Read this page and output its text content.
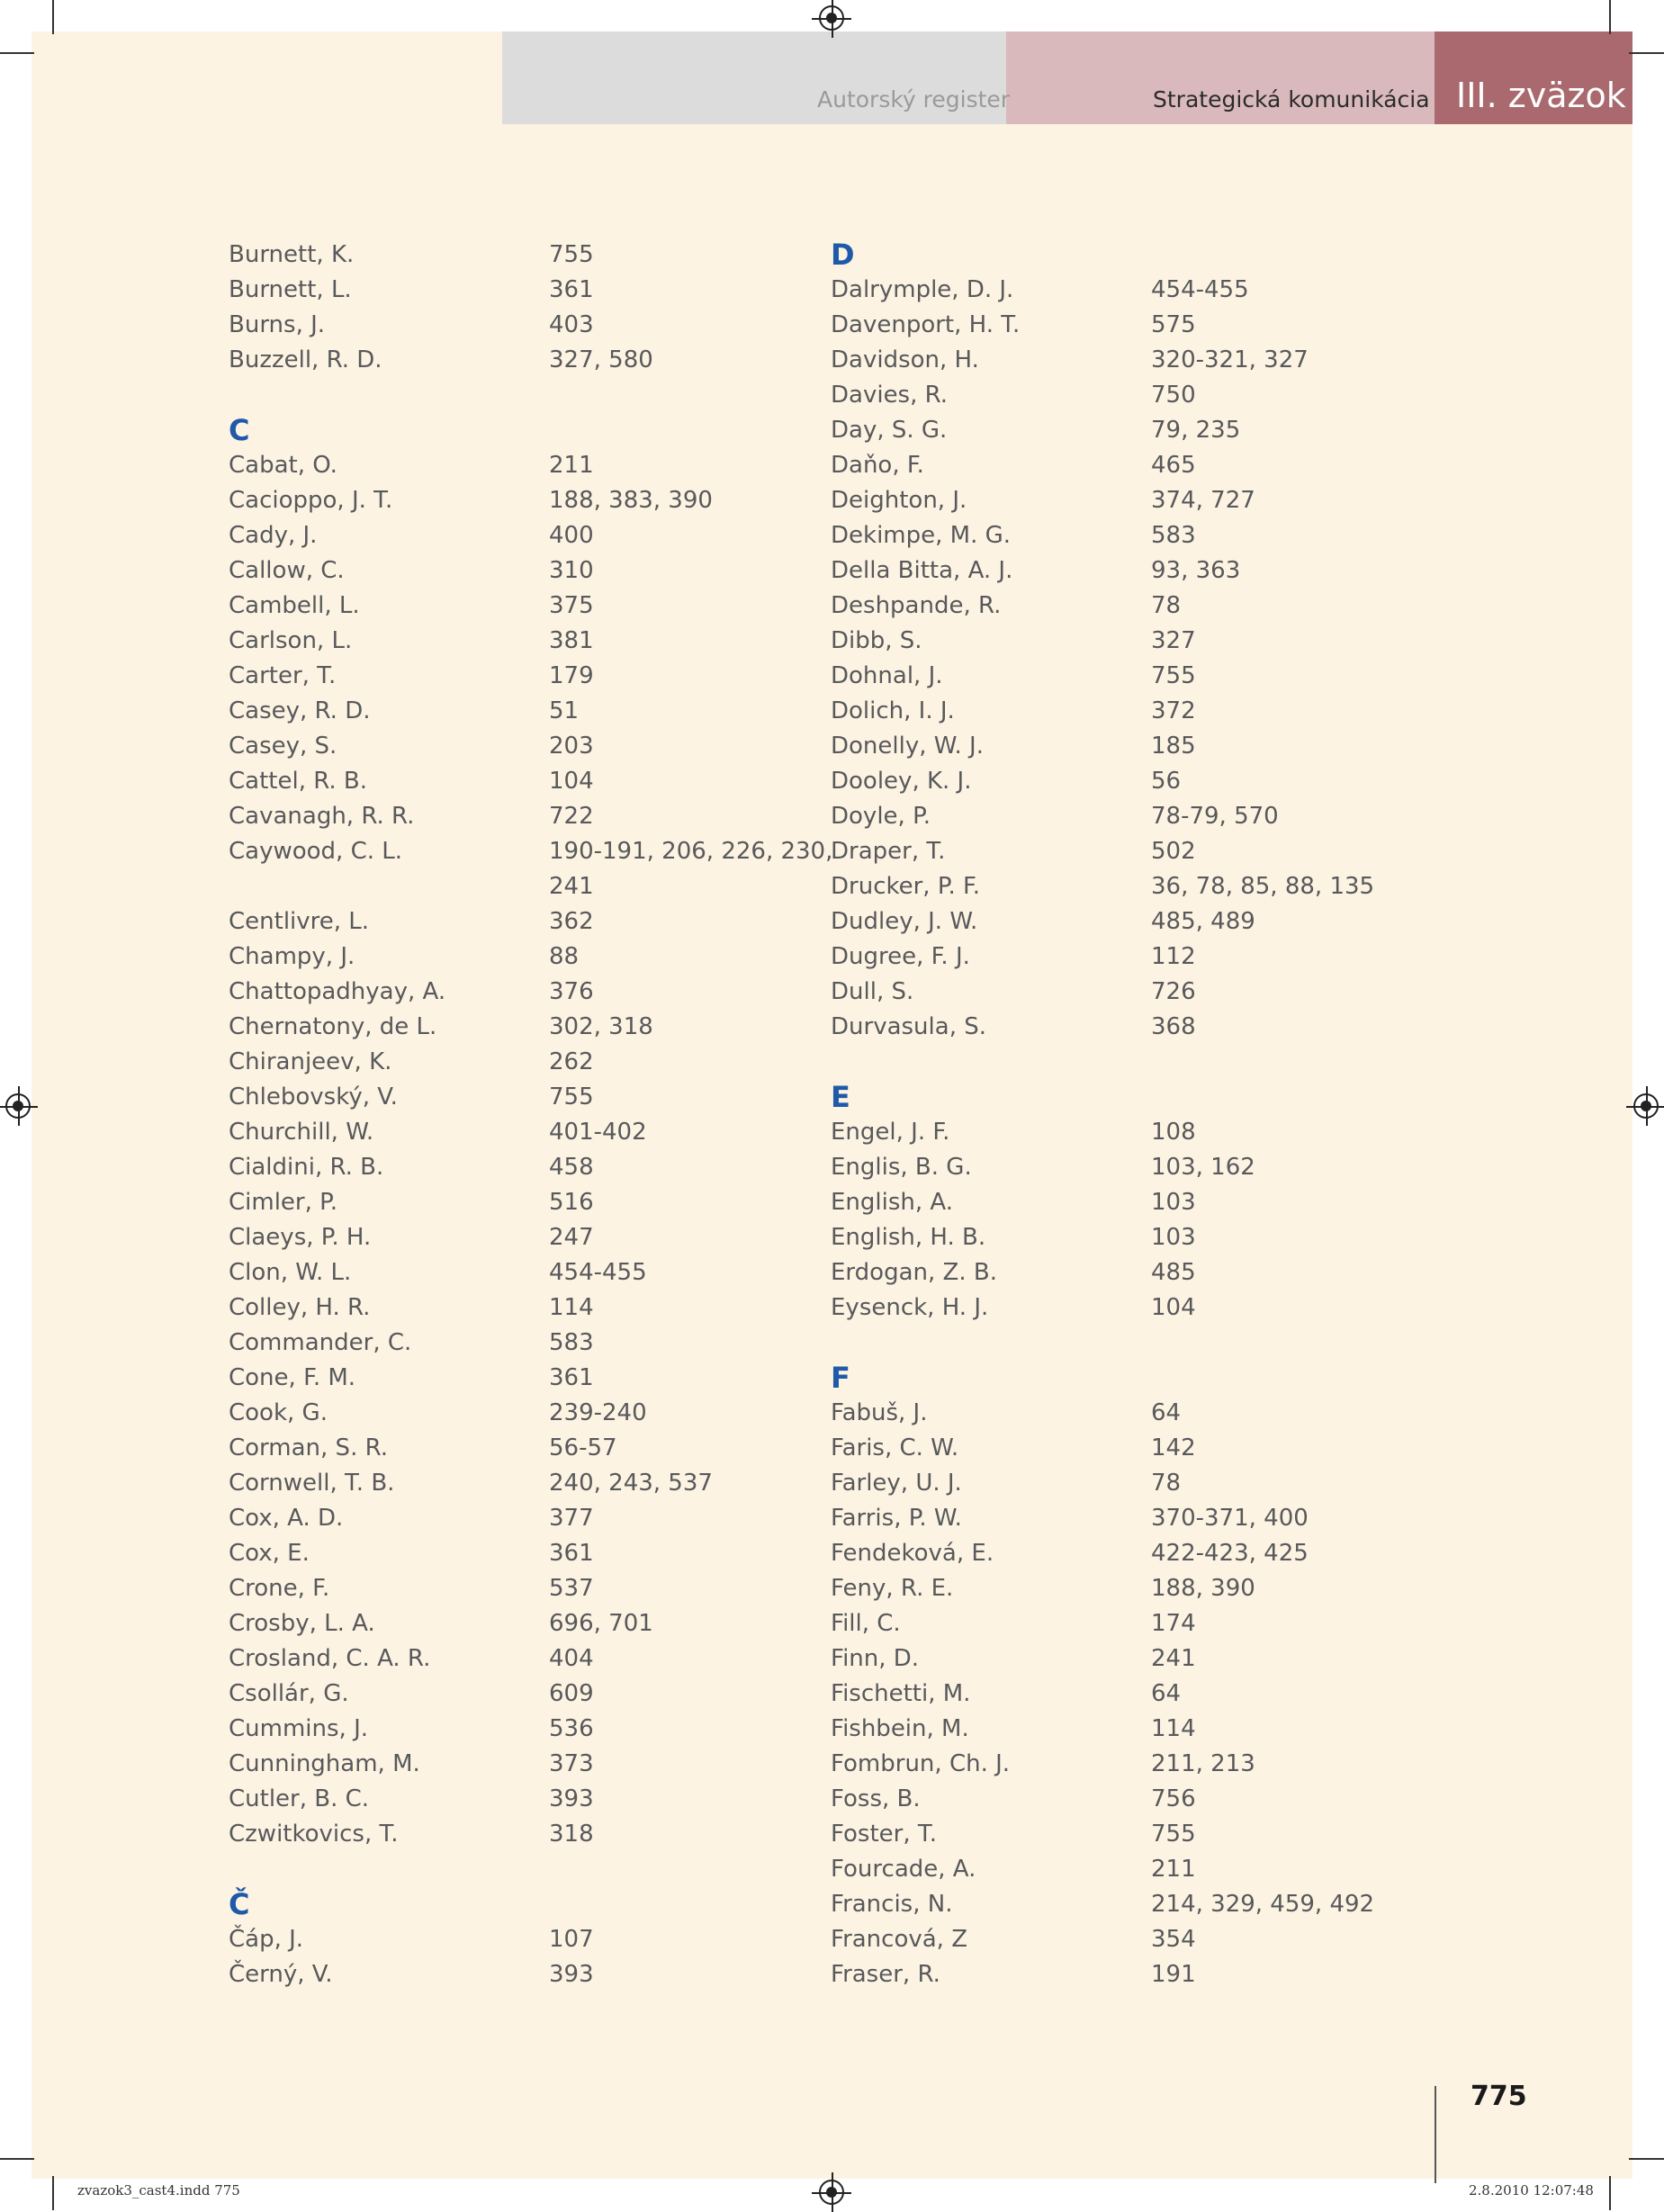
Autorský register	Strategická komunikácia III. zväzok
Burnett, K.	755
Burnett, L.	361
Burns, J.	403
Buzzell, R. D.	327, 580
C
Cabat, O.	211
Cacioppo, J. T.	188, 383, 390
Cady, J.	400
Callow, C.	310
Cambell, L.	375
Carlson, L.	381
Carter, T.	179
Casey, R. D.	51
Casey, S.	203
Cattel, R. B.	104
Cavanagh, R. R.	722
Caywood, C. L.	190-191, 206, 226, 230,
241
Centlivre, L.	362
Champy, J.	88
Chattopadhyay, A.	376
Chernatony, de L.	302, 318
Chiranjeev, K.	262
Chlebovský, V.	755
Churchill, W.	401-402
Cialdini, R. B.	458
Cimler, P.	516
Claeys, P. H.	247
Clon, W. L.	454-455
Colley, H. R.	114
Commander, C.	583
Cone, F. M.	361
Cook, G.	239-240
Corman, S. R.	56-57
Cornwell, T. B.	240, 243, 537
Cox, A. D.	377
Cox, E.	361
Crone, F.	537
Crosby, L. A.	696, 701
Crosland, C. A. R.	404
Csollár, G.	609
Cummins, J.	536
Cunningham, M.	373
Cutler, B. C.	393
Czwitkovics, T.	318
Č
Čáp, J.	107
Černý, V.	393
D
Dalrymple, D. J.	454-455
Davenport, H. T.	575
Davidson, H.	320-321, 327
Davies, R.	750
Day, S. G.	79, 235
Daňo, F.	465
Deighton, J.	374, 727
Dekimpe, M. G.	583
Della Bitta, A. J.	93, 363
Deshpande, R.	78
Dibb, S.	327
Dohnal, J.	755
Dolich, I. J.	372
Donelly, W. J.	185
Dooley, K. J.	56
Doyle, P.	78-79, 570
Draper, T.	502
Drucker, P. F.	36, 78, 85, 88, 135
Dudley, J. W.	485, 489
Dugree, F. J.	112
Dull, S.	726
Durvasula, S.	368
E
Engel, J. F.	108
Englis, B. G.	103, 162
English, A.	103
English, H. B.	103
Erdogan, Z. B.	485
Eysenck, H. J.	104
F
Fabuš, J.	64
Faris, C. W.	142
Farley, U. J.	78
Farris, P. W.	370-371, 400
Fendeková, E.	422-423, 425
Feny, R. E.	188, 390
Fill, C.	174
Finn, D.	241
Fischetti, M.	64
Fishbein, M.	114
Fombrun, Ch. J.	211, 213
Foss, B.	756
Foster, T.	755
Fourcade, A.	211
Francis, N.	214, 329, 459, 492
Francová, Z	354
Fraser, R.	191
775
zvazok3_cast4.indd 775	2.8.2010 12:07:48
